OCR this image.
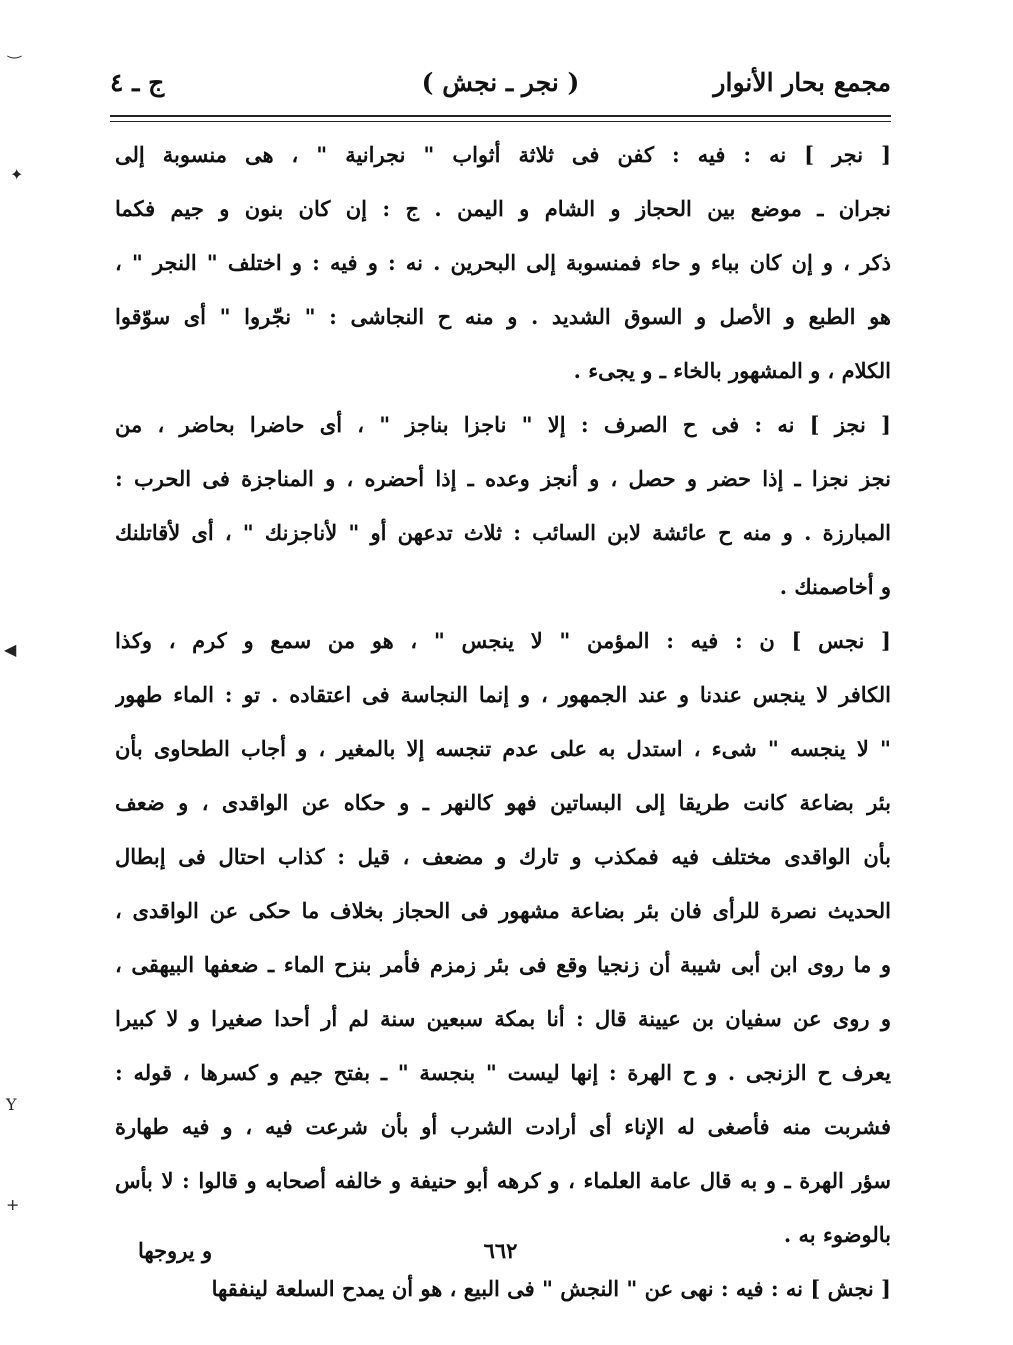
مجمع بحار الأنوار
( نجر ـ نجش )
ج ـ ٤
[ نجر ] نه : فيه : كفن فى ثلاثة أثواب " نجرانية " ، هى منسوبة إلى
نجران ـ موضع بين الحجاز و الشام و اليمن . ج : إن كان بنون و جيم فكما
ذكر ، و إن كان بباء و حاء فمنسوبة إلى البحرين . نه : و فيه : و اختلف " النجر " ،
هو الطبع و الأصل و السوق الشديد . و منه ح النجاشى : " نجّروا " أى سوّقوا
الكلام ، و المشهور بالخاء ـ و يجىء .
[ نجز ] نه : فى ح الصرف : إلا " ناجزا بناجز " ، أى حاضرا بحاضر ، من
نجز نجزا ـ إذا حضر و حصل ، و أنجز وعده ـ إذا أحضره ، و المناجزة فى الحرب :
المبارزة . و منه ح عائشة لابن السائب : ثلاث تدعهن أو " لأناجزنك " ، أى لأقاتلنك
و أخاصمنك .
[ نجس ] ن : فيه : المؤمن " لا ينجس " ، هو من سمع و كرم ، وكذا
الكافر لا ينجس عندنا و عند الجمهور ، و إنما النجاسة فى اعتقاده . تو : الماء طهور
" لا ينجسه " شىء ، استدل به على عدم تنجسه إلا بالمغير ، و أجاب الطحاوى بأن
بئر بضاعة كانت طريقا إلى البساتين فهو كالنهر ـ و حكاه عن الواقدى ، و ضعف
بأن الواقدى مختلف فيه فمكذب و تارك و مضعف ، قيل : كذاب احتال فى إبطال
الحديث نصرة للرأى فان بئر بضاعة مشهور فى الحجاز بخلاف ما حكى عن الواقدى ،
و ما روى ابن أبى شيبة أن زنجيا وقع فى بئر زمزم فأمر بنزح الماء ـ ضعفها البيهقى ،
و روى عن سفيان بن عيينة قال : أنا بمكة سبعين سنة لم أر أحدا صغيرا و لا كبيرا
يعرف ح الزنجى . و ح الهرة : إنها ليست " بنجسة " ـ بفتح جيم و كسرها ، قوله :
فشربت منه فأصغى له الإناء أى أرادت الشرب أو بأن شرعت فيه ، و فيه طهارة
سؤر الهرة ـ و به قال عامة العلماء ، و كرهه أبو حنيفة و خالفه أصحابه و قالوا : لا بأس
بالوضوء به .
[ نجش ] نه : فيه : نهى عن " النجش " فى البيع ، هو أن يمدح السلعة لينفقها
٦٦٢
و يروجها
‿
✦
◀
Y
+
